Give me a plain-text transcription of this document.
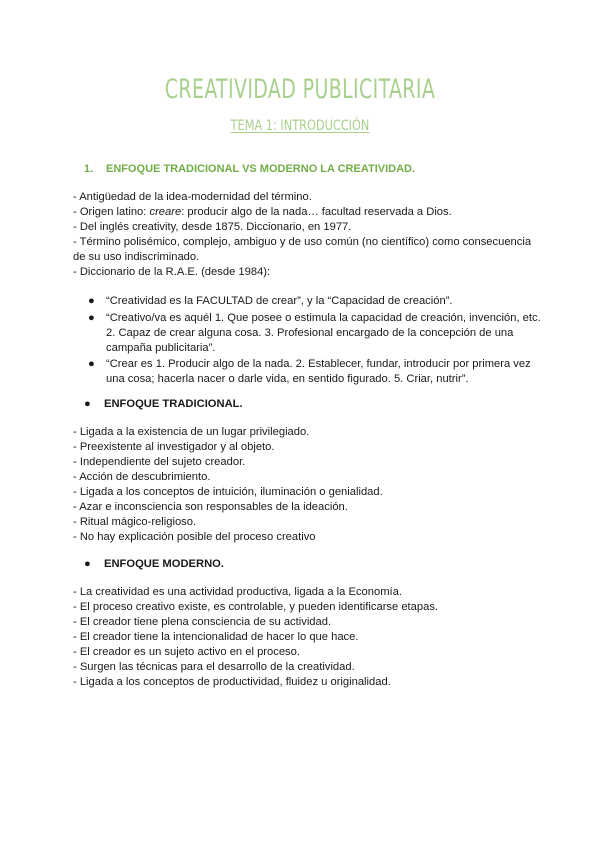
CREATIVIDAD PUBLICITARIA
TEMA 1: INTRODUCCIÓN
1. ENFOQUE TRADICIONAL VS MODERNO LA CREATIVIDAD.

- Antigüedad de la idea-modernidad del término.

- Origen latino: creare: producir algo de la nada… facultad reservada a Dios.

- Del inglés creativity, desde 1875. Diccionario, en 1977.

- Término polisémico, complejo, ambiguo y de uso común (no científico) como consecuencia de su uso indiscriminado.

- Diccionario de la R.A.E. (desde 1984):

● “Creatividad es la FACULTAD de crear”, y la “Capacidad de creación”.
● “Creativo/va es aquél 1. Que posee o estimula la capacidad de creación, invención, etc. 2. Capaz de crear alguna cosa. 3. Profesional encargado de la concepción de una campaña publicitaria”.
● “Crear es 1. Producir algo de la nada. 2. Establecer, fundar, introducir por primera vez una cosa; hacerla nacer o darle vida, en sentido figurado. 5. Criar, nutrir”.
● ENFOQUE TRADICIONAL.

- Ligada a la existencia de un lugar privilegiado.

- Preexistente al investigador y al objeto.

- Independiente del sujeto creador.

- Acción de descubrimiento.

- Ligada a los conceptos de intuición, iluminación o genialidad.

- Azar e inconsciencia son responsables de la ideación.

- Ritual mágico-religioso.

- No hay explicación posible del proceso creativo

● ENFOQUE MODERNO.

- La creatividad es una actividad productiva, ligada a la Economía.

- El proceso creativo existe, es controlable, y pueden identificarse etapas.

- El creador tiene plena consciencia de su actividad.

- El creador tiene la intencionalidad de hacer lo que hace.

- El creador es un sujeto activo en el proceso.

- Surgen las técnicas para el desarrollo de la creatividad.

- Ligada a los conceptos de productividad, fluidez u originalidad.
